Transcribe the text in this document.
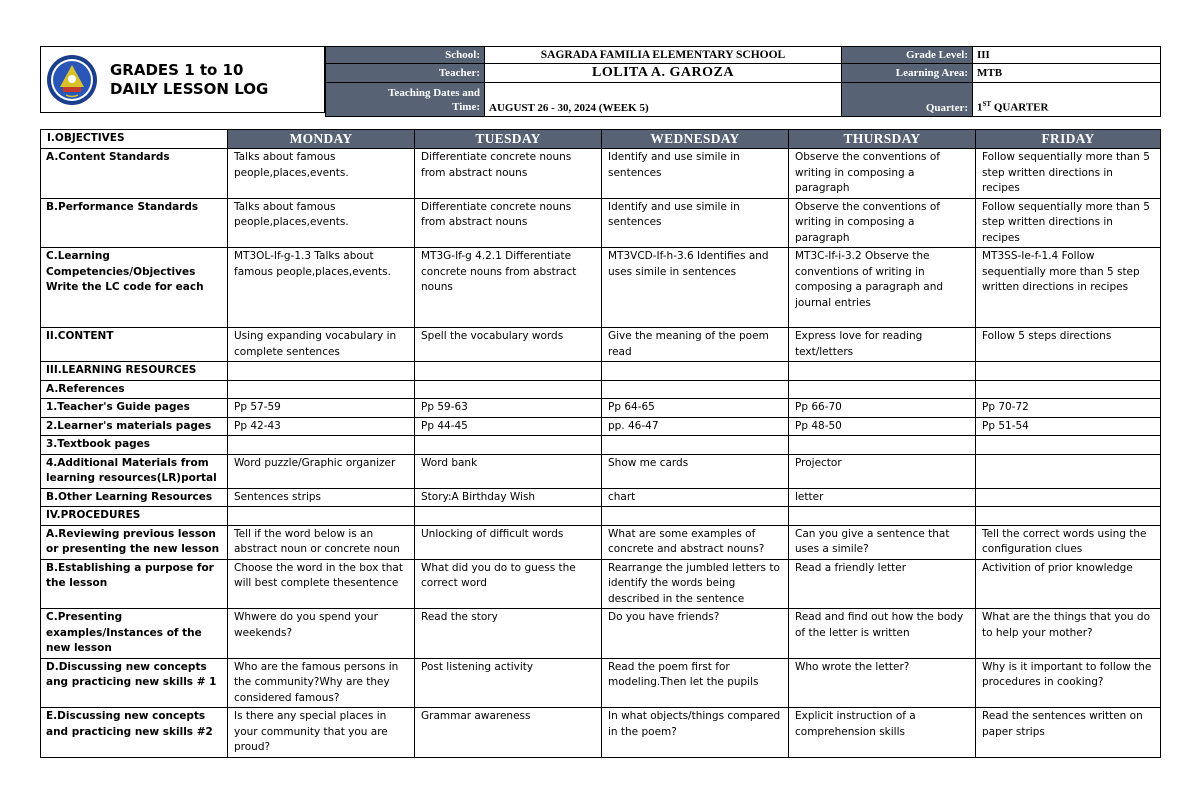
GRADES 1 to 10
DAILY LESSON LOG
School:	SAGRADA FAMILIA ELEMENTARY SCHOOL	Grade Level:	III
Teacher:	LOLITA A. GAROZA	Learning Area:	MTB

Teaching Dates and
Time:	AUGUST 26 - 30, 2024 (WEEK 5)	Quarter:	1ST QUARTER
I.OBJECTIVES	MONDAY	TUESDAY	WEDNESDAY	THURSDAY	FRIDAY
A.Content Standards	Talks about famous people,places,events.	Differentiate concrete nouns from abstract nouns	Identify and use simile in sentences	Observe the conventions of writing in composing a paragraph	Follow sequentially more than 5 step written directions in recipes
B.Performance Standards	Talks about famous people,places,events.	Differentiate concrete nouns from abstract nouns	Identify and use simile in sentences	Observe the conventions of writing in composing a paragraph	Follow sequentially more than 5 step written directions in recipes
C.Learning Competencies/Objectives Write the LC code for each	MT3OL-If-g-1.3 Talks about famous people,places,events.	MT3G-If-g 4.2.1 Differentiate concrete nouns from abstract nouns	MT3VCD-If-h-3.6 Identifies and uses simile in sentences	MT3C-If-i-3.2 Observe the conventions of writing in composing a paragraph and journal entries	MT3SS-Ie-f-1.4 Follow sequentially more than 5 step written directions in recipes
II.CONTENT	Using expanding vocabulary in complete sentences	Spell the vocabulary words	Give the meaning of the poem read	Express love for reading text/letters	Follow 5 steps directions
III.LEARNING RESOURCES					
A.References					
1.Teacher's Guide pages	Pp 57-59	Pp 59-63	Pp 64-65	Pp 66-70	Pp 70-72
2.Learner's materials pages	Pp 42-43	Pp 44-45	pp. 46-47	Pp 48-50	Pp 51-54
3.Textbook pages					
4.Additional Materials from learning resources(LR)portal	Word puzzle/Graphic organizer	Word bank	Show me cards	Projector	
B.Other Learning Resources	Sentences strips	Story:A Birthday Wish	chart	letter	
IV.PROCEDURES					
A.Reviewing previous lesson or presenting the new lesson	Tell if the word below is an abstract noun or concrete noun	Unlocking of difficult words	What are some examples of concrete and abstract nouns?	Can you give a sentence that uses a simile?	Tell the correct words using the configuration clues
B.Establishing a purpose for the lesson	Choose the word in the box that will best complete thesentence	What did you do to guess the correct word	Rearrange the jumbled letters to identify the words being described in the sentence	Read a friendly letter	Activition of prior knowledge
C.Presenting examples/Instances of the new lesson	Whwere do you spend your weekends?	Read the story	Do you have friends?	Read and find out how the body of the letter is written	What are the things that you do to help your mother?
D.Discussing new concepts ang practicing new skills # 1	Who are the famous persons in the community?Why are they considered famous?	Post listening activity	Read the poem first for modeling.Then let the pupils	Who wrote the letter?	Why is it important to follow the procedures in cooking?
E.Discussing new concepts and practicing new skills #2	Is there any special places in your community that you are proud?	Grammar awareness	In what objects/things compared in the poem?	Explicit instruction of a comprehension skills	Read the sentences written on paper strips
